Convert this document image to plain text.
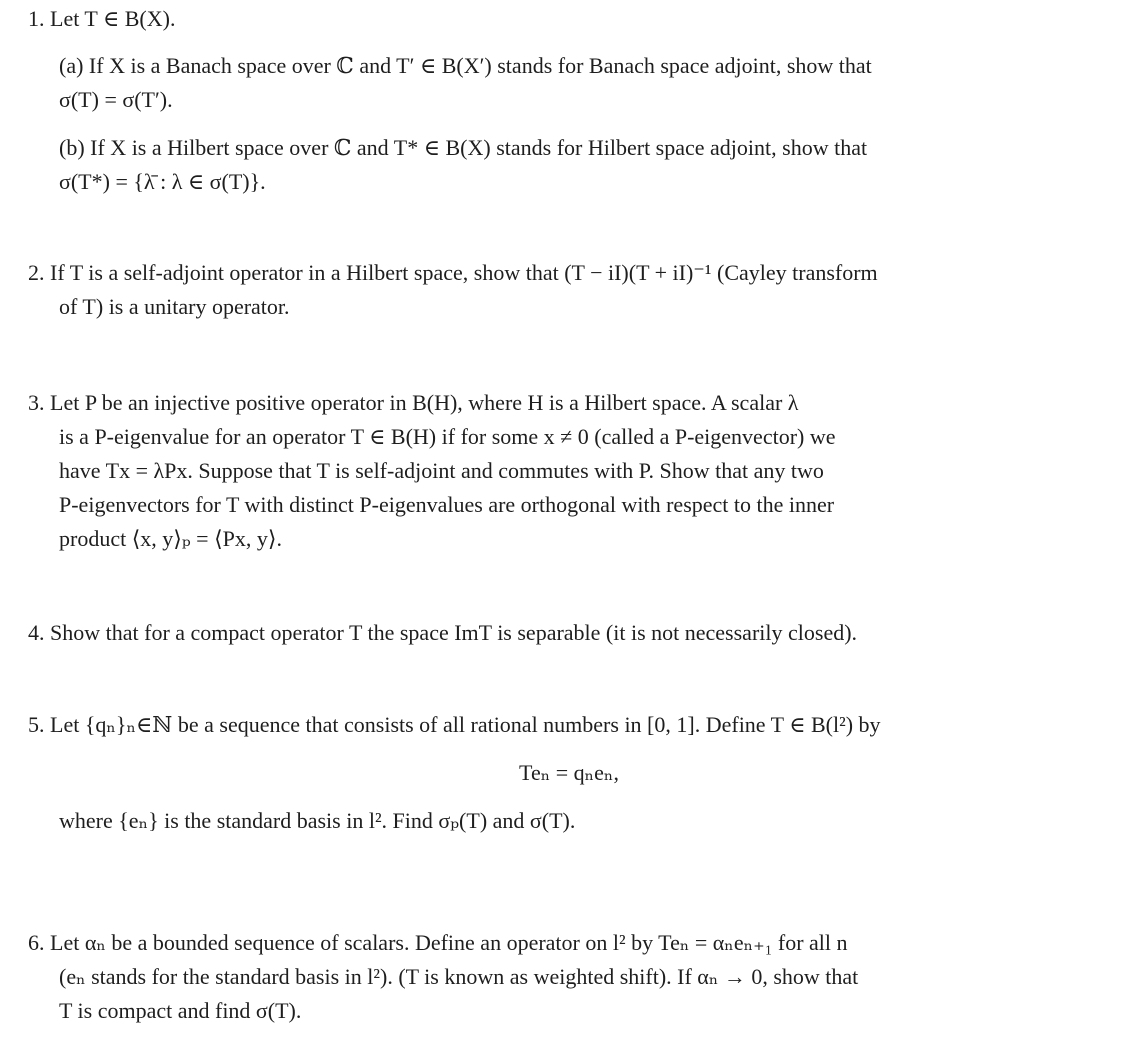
1. Let T ∈ B(X).
(a) If X is a Banach space over ℂ and T′ ∈ B(X′) stands for Banach space adjoint, show that
σ(T) = σ(T′).
(b) If X is a Hilbert space over ℂ and T* ∈ B(X) stands for Hilbert space adjoint, show that
σ(T*) = {λ̄ : λ ∈ σ(T)}.
2. If T is a self-adjoint operator in a Hilbert space, show that (T − iI)(T + iI)⁻¹ (Cayley transform
of T) is a unitary operator.
3. Let P be an injective positive operator in B(H), where H is a Hilbert space. A scalar λ
is a P-eigenvalue for an operator T ∈ B(H) if for some x ≠ 0 (called a P-eigenvector) we
have Tx = λPx. Suppose that T is self-adjoint and commutes with P. Show that any two
P-eigenvectors for T with distinct P-eigenvalues are orthogonal with respect to the inner
product ⟨x, y⟩ₚ = ⟨Px, y⟩.
4. Show that for a compact operator T the space ImT is separable (it is not necessarily closed).
5. Let {qₙ}ₙ∈ℕ be a sequence that consists of all rational numbers in [0, 1]. Define T ∈ B(l²) by
Teₙ = qₙeₙ,
where {eₙ} is the standard basis in l². Find σₚ(T) and σ(T).
6. Let αₙ be a bounded sequence of scalars. Define an operator on l² by Teₙ = αₙeₙ₊₁ for all n
(eₙ stands for the standard basis in l²). (T is known as weighted shift). If αₙ → 0, show that
T is compact and find σ(T).
